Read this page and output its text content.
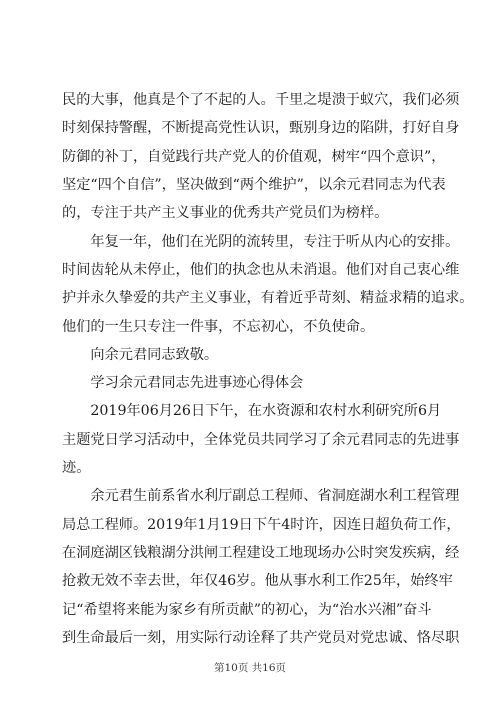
民的大事，他真是个了不起的人。千里之堤溃于蚁穴，我们必须
时刻保持警醒，不断提高党性认识，甄别身边的陷阱，打好自身
防御的补丁，自觉践行共产党人的价值观，树牢“四个意识”，
坚定“四个自信”，坚决做到“两个维护”，以余元君同志为代表
的，专注于共产主义事业的优秀共产党员们为榜样。
　　年复一年，他们在光阴的流转里，专注于听从内心的安排。
时间齿轮从未停止，他们的执念也从未消退。他们对自己衷心维
护并永久挚爱的共产主义事业，有着近乎苛刻、精益求精的追求。
他们的一生只专注一件事，不忘初心，不负使命。
　　向余元君同志致敬。
　　学习余元君同志先进事迹心得体会
　　2019年06月26日下午，在水资源和农村水利研究所6月
主题党日学习活动中，全体党员共同学习了余元君同志的先进事
迹。
　　余元君生前系省水利厅副总工程师、省洞庭湖水利工程管理
局总工程师。2019年1月19日下午4时许，因连日超负荷工作，
在洞庭湖区钱粮湖分洪闸工程建设工地现场办公时突发疾病，经
抢救无效不幸去世，年仅46岁。他从事水利工作25年，始终牢
记“希望将来能为家乡有所贡献”的初心，为“治水兴湘”奋斗
到生命最后一刻，用实际行动诠释了共产党员对党忠诚、恪尽职
第10页 共16页
